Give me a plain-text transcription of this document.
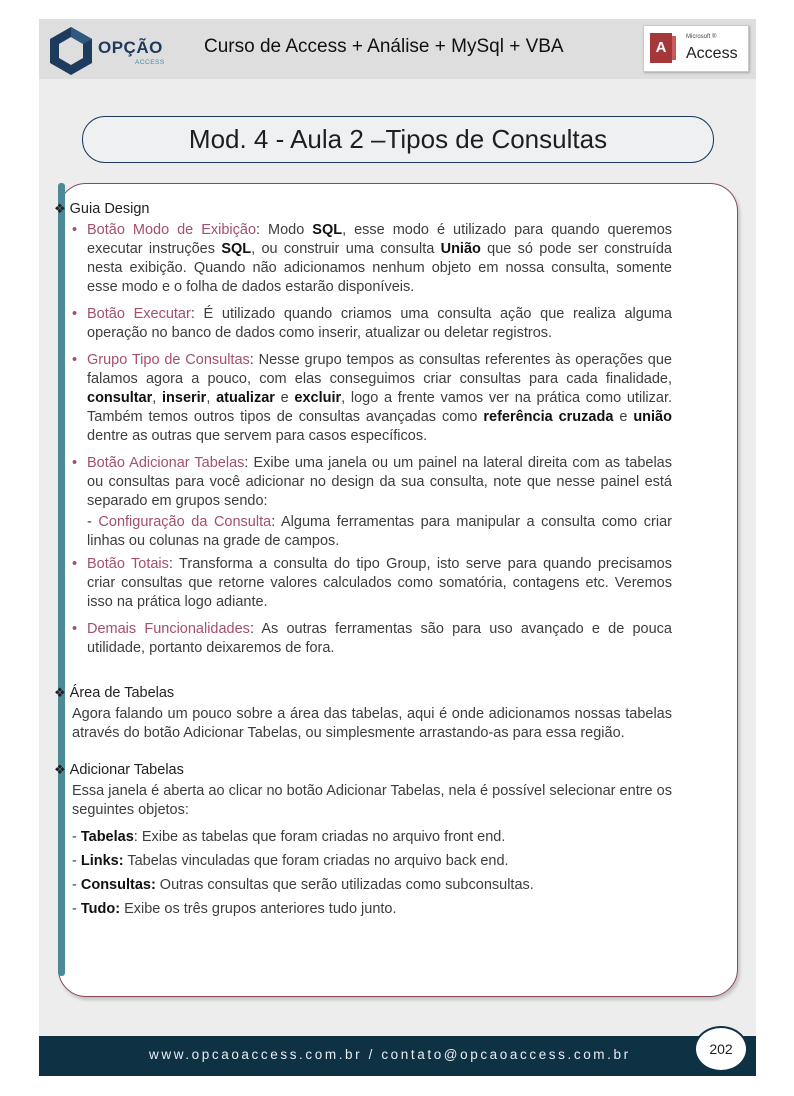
OPÇÃO
ACCESS
Curso de Access + Análise + MySql + VBA	A
Microsoft ®
Access
Mod. 4 - Aula 2 –Tipos de Consultas
www.opcaoaccess.com.br / contato@opcaoaccess.com.br	202

❖ Guia Design

• Botão Modo de Exibição: Modo SQL, esse modo é utilizado para quando queremos executar instruções SQL, ou construir uma consulta União que só pode ser construída nesta exibição. Quando não adicionamos nenhum objeto em nossa consulta, somente esse modo e o folha de dados estarão disponíveis.
• Botão Executar: É utilizado quando criamos uma consulta ação que realiza alguma operação no banco de dados como inserir, atualizar ou deletar registros.
• Grupo Tipo de Consultas: Nesse grupo tempos as consultas referentes às operações que falamos agora a pouco, com elas conseguimos criar consultas para cada finalidade, consultar, inserir, atualizar e excluir, logo a frente vamos ver na prática como utilizar. Também temos outros tipos de consultas avançadas como referência cruzada e união dentre as outras que servem para casos específicos.
• Botão Adicionar Tabelas: Exibe uma janela ou um painel na lateral direita com as tabelas ou consultas para você adicionar no design da sua consulta, note que nesse painel está separado em grupos sendo:
- Configuração da Consulta: Alguma ferramentas para manipular a consulta como criar linhas ou colunas na grade de campos.
• Botão Totais: Transforma a consulta do tipo Group, isto serve para quando precisamos criar consultas que retorne valores calculados como somatória, contagens etc. Veremos isso na prática logo adiante.
• Demais Funcionalidades: As outras ferramentas são para uso avançado e de pouca utilidade, portanto deixaremos de fora.

❖ Área de Tabelas

Agora falando um pouco sobre a área das tabelas, aqui é onde adicionamos nossas tabelas através do botão Adicionar Tabelas, ou simplesmente arrastando-as para essa região.

❖ Adicionar Tabelas

Essa janela é aberta ao clicar no botão Adicionar Tabelas, nela é possível selecionar entre os seguintes objetos:

- Tabelas: Exibe as tabelas que foram criadas no arquivo front end.

- Links: Tabelas vinculadas que foram criadas no arquivo back end.

- Consultas: Outras consultas que serão utilizadas como subconsultas.

- Tudo: Exibe os três grupos anteriores tudo junto.
